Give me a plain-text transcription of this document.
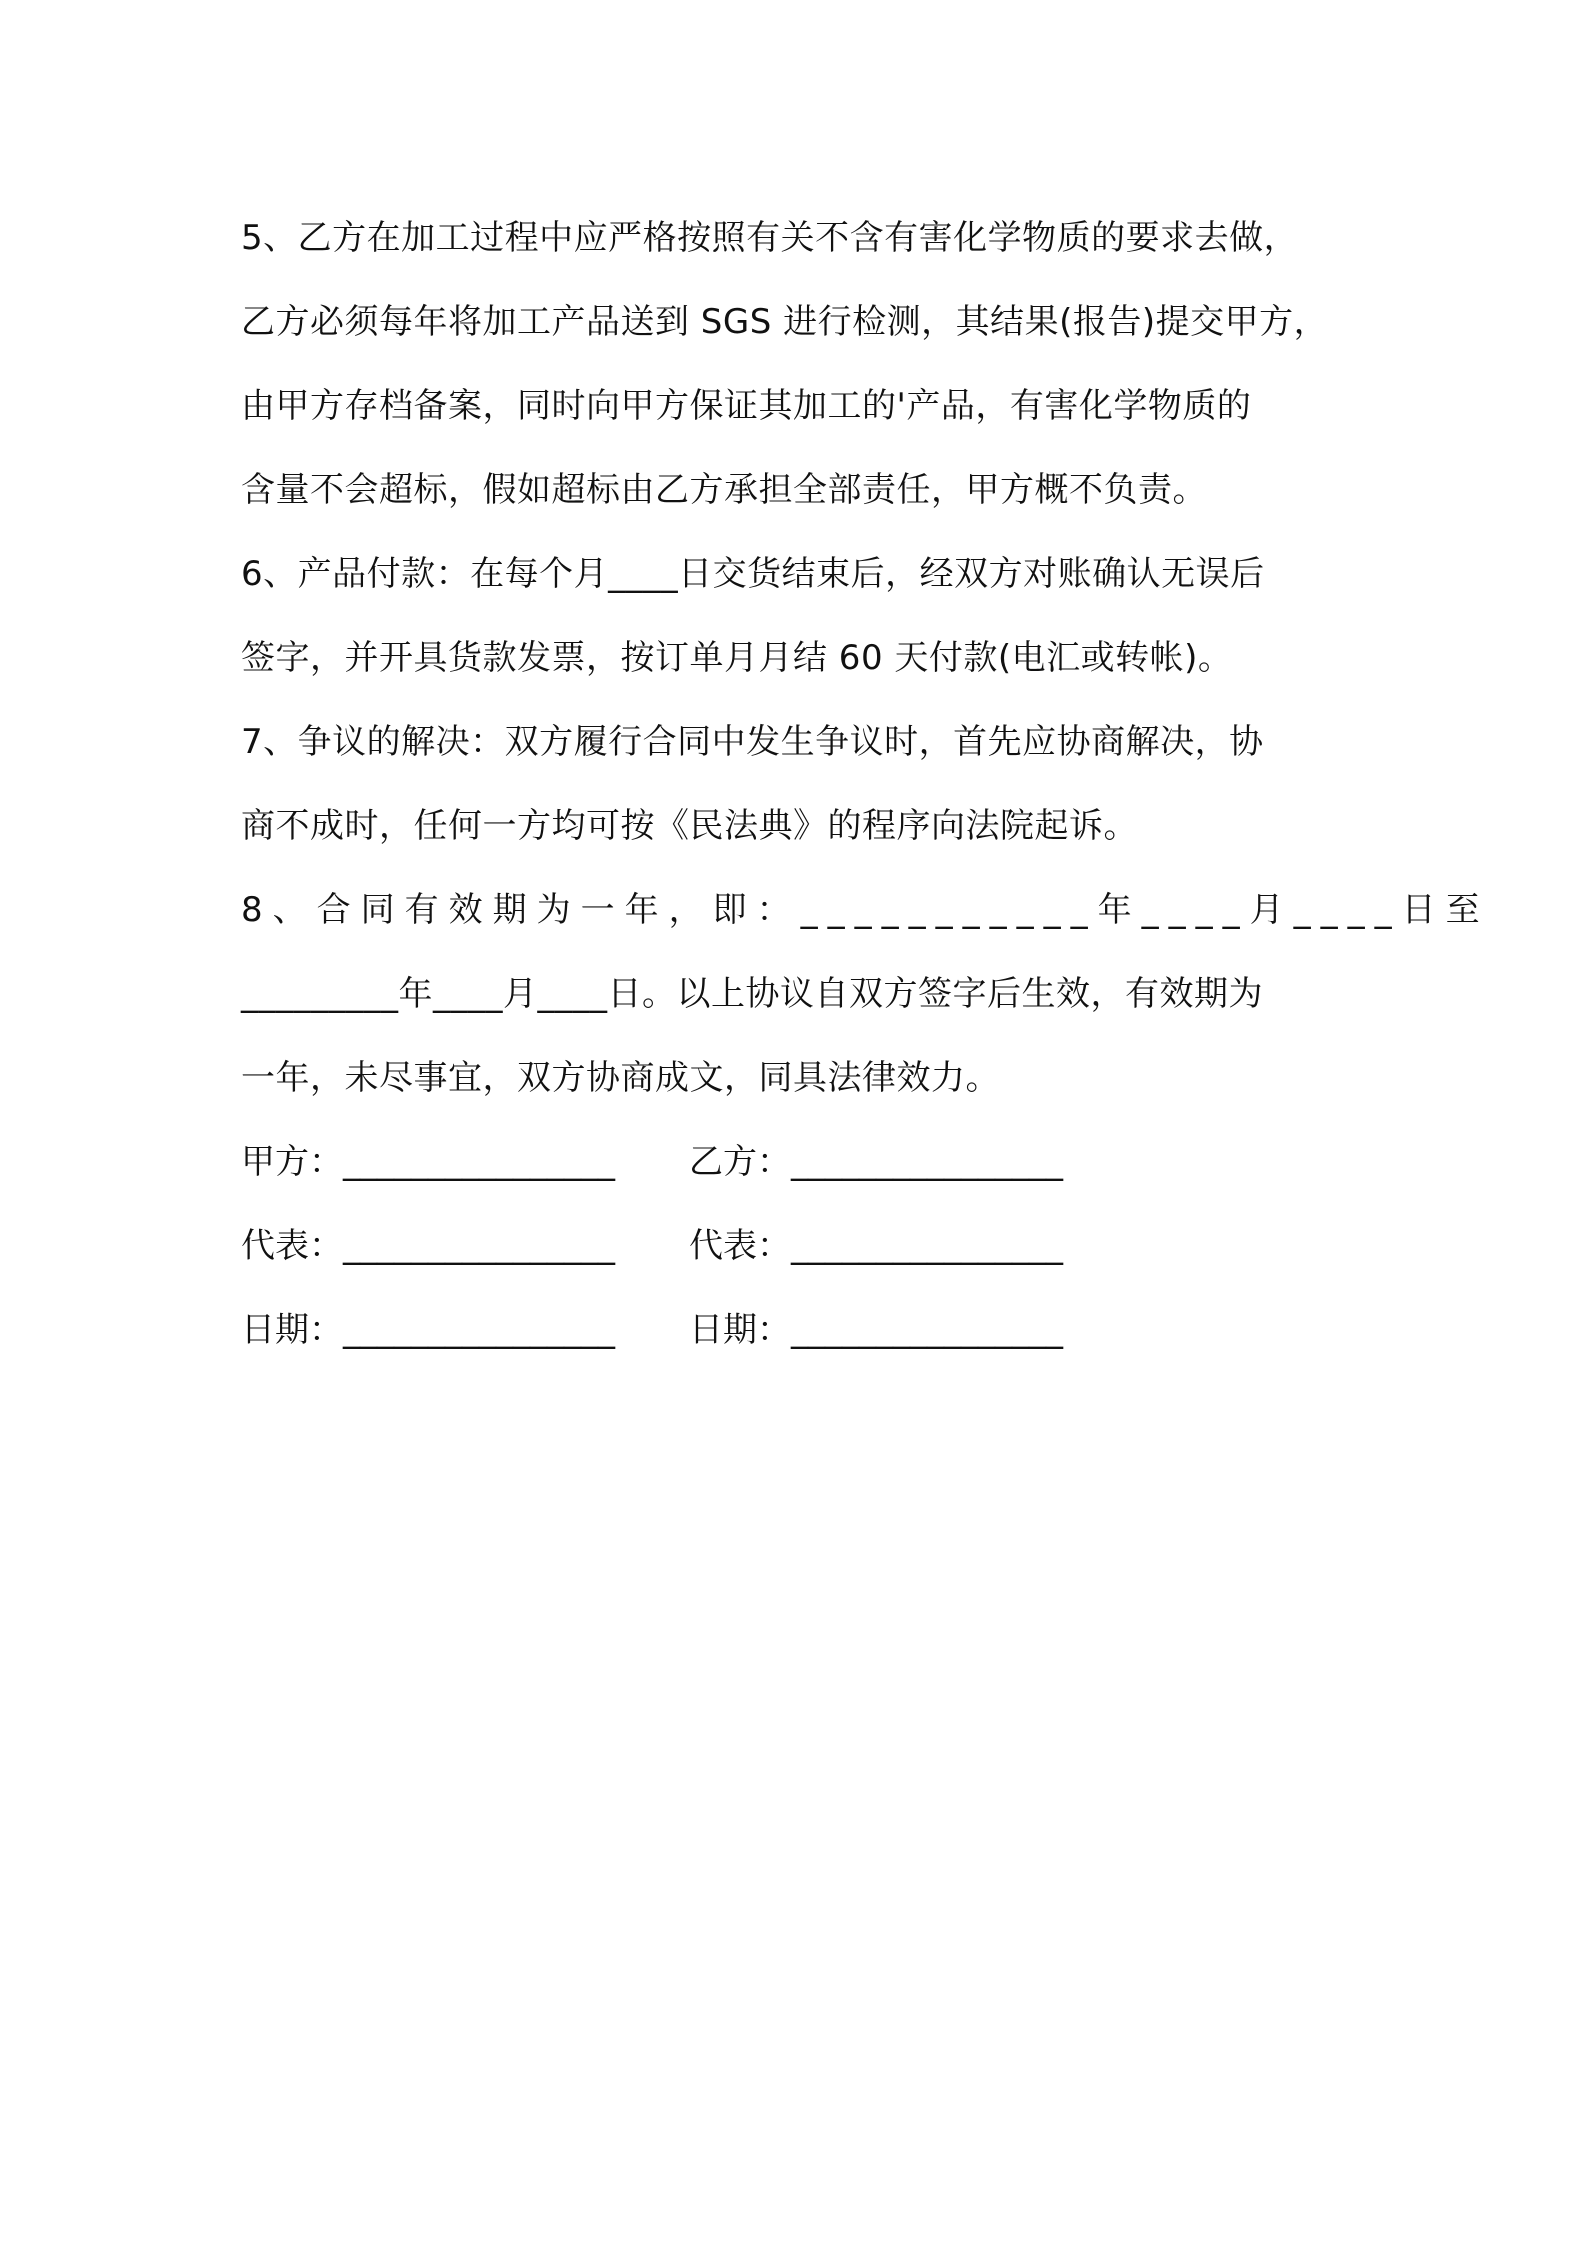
5、乙方在加工过程中应严格按照有关不含有害化学物质的要求去做，
乙方必须每年将加工产品送到 SGS 进行检测，其结果(报告)提交甲方，
由甲方存档备案，同时向甲方保证其加工的'产品，有害化学物质的
含量不会超标，假如超标由乙方承担全部责任，甲方概不负责。
6、产品付款：在每个月____日交货结束后，经双方对账确认无误后
签字，并开具货款发票，按订单月月结 60 天付款(电汇或转帐)。
7、争议的解决：双方履行合同中发生争议时，首先应协商解决，协
商不成时，任何一方均可按《民法典》的程序向法院起诉。
8、合同有效期为一年，即：___________年____月____日至
_________年____月____日。以上协议自双方签字后生效，有效期为
一年，未尽事宜，双方协商成文，同具法律效力。
甲方：________________ 乙方：________________
代表：________________ 代表：________________
日期：________________ 日期：________________
